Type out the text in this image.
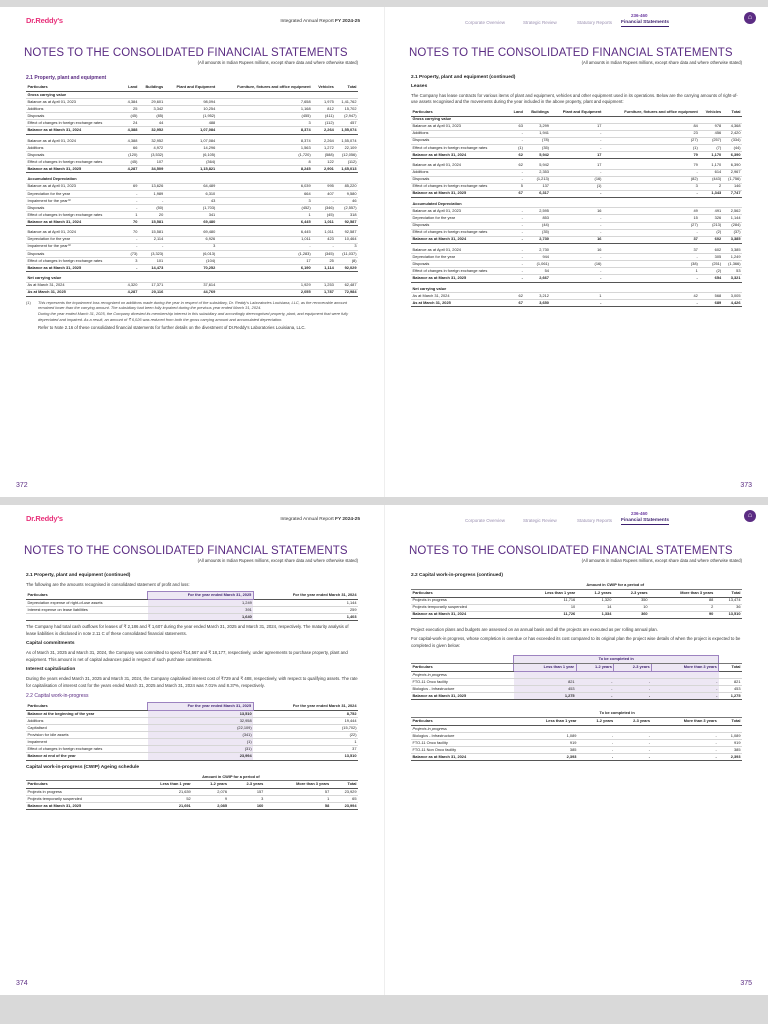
Dr.Reddy's	Integrated Annual Report FY 2024-25
NOTES TO THE CONSOLIDATED FINANCIAL STATEMENTS
(All amounts in Indian Rupees millions, except share data and where otherwise stated)
2.1 Property, plant and equipment
Particulars	Land	Buildings	Plant and Equipment	Furniture, fixtures and office equipment	Vehicles	Total
Gross carrying value						
Balance as at April 01, 2023	4,384	29,601	98,094	7,658	1,975	1,41,762
Additions	25	3,342	10,254	1,168	812	15,702
Disposals	(45)	(85)	(1,952)	(455)	(411)	(2,947)
Effect of changes in foreign exchange rates	24	44	488	3	(112)	457
Balance as at March 31, 2024	4,388	32,952	1,07,084	8,374	2,264	1,55,074

Balance as at April 01, 2024	4,388	32,952	1,07,084	8,374	2,264	1,55,074
Additions	66	4,972	14,296	1,563	1,272	22,109
Disposals	(120)	(3,532)	(6,105)	(1,720)	(588)	(12,056)
Effect of changes in foreign exchange rates	(45)	107	(364)	8	122	(112)
Balance as at March 31, 2025	4,287	34,509	1,15,821	8,245	2,901	1,65,013

Accumulated Depreciation						
Balance as at April 01, 2023	69	13,626	64,489	6,039	995	85,220
Depreciation for the year	-	1,989	6,310	664	407	9,580
Impairment for the year⁽¹⁾	-	-	43	3	-	46
Disposals	-	(50)	(1,703)	(452)	(346)	(2,557)
Effect of changes in foreign exchange rates	1	20	341	1	(45)	318
Balance as at March 31, 2024	70	15,581	69,480	6,445	1,011	92,587

Balance as at April 01, 2024	70	15,581	69,480	6,445	1,011	92,587
Depreciation for the year	-	2,114	6,926	1,011	423	10,464
Impairment for the year⁽¹⁾	-	-	3	-	-	3
Disposals	(73)	(3,323)	(6,013)	(1,283)	(345)	(11,037)
Effect of changes in foreign exchange rates	3	101	(104)	17	25	(8)
Balance as at March 31, 2025	-	14,473	70,252	6,190	1,114	92,029

Net carrying value						
As at March 31, 2024	4,320	17,371	37,614	1,929	1,253	62,487
As at March 31, 2025	4,287	20,116	44,769	2,055	1,787	72,984
(1)	This represents the impairment loss recognized on additions made during the year in respect of the subsidiary, Dr. Reddy's Laboratories Louisiana, LLC, as the recoverable amount remained lower than the carrying amount. The subsidiary had been fully impaired during the previous year ended March 31, 2024.
During the year ended March 31, 2025, the Company divested its membership interest in this subsidiary and accordingly derecognised property, plant, and equipment that were fully depreciated and impaired. As a result, an amount of ₹ 6,026 was reduced from both the gross carrying amount and accumulated depreciation.
Refer to Note 2.16 of these consolidated financial statements for further details on the divestment of Dr.Reddy's Laboratories Louisiana, LLC.
372
Corporate Overview	Strategic Review	Statutory Reports
236-460
Financial Statements
⌂
NOTES TO THE CONSOLIDATED FINANCIAL STATEMENTS
(All amounts in Indian Rupees millions, except share data and where otherwise stated)
2.1 Property, plant and equipment (continued)
Leases
The Company has lease contracts for various items of plant and equipment, vehicles and other equipment used in its operations. Below are the carrying amounts of right-of-use assets recognised and the movements during the year included in the above property, plant and equipment:
Particulars	Land	Buildings	Plant and Equipment	Furniture, fixtures and office equipment	Vehicles	Total
Gross carrying value						
Balance as at April 01, 2023	63	3,299	17	84	978	4,368
Additions	-	1,941	-	23	456	2,420
Disposals	-	(78)	-	(27)	(257)	(334)
Effect of changes in foreign exchange rates	(1)	(35)	-	(1)	(7)	(44)
Balance as at March 31, 2024	62	5,942	17	79	1,170	6,390

Balance as at April 01, 2024	62	5,942	17	79	1,170	6,390
Additions	-	2,353	-	-	614	2,967
Disposals	-	(1,213)	(16)	(82)	(443)	(1,756)
Effect of changes in foreign exchange rates	5	137	(1)	3	2	146
Balance as at March 31, 2025	67	6,317	-	-	1,343	7,747

Accumulated Depreciation						
Balance as at April 01, 2023	-	2,595	16	49	491	2,562
Depreciation for the year	-	853	-	15	326	1,144
Disposals	-	(44)	-	(27)	(213)	(284)
Effect of changes in foreign exchange rates	-	(35)	-	-	(2)	(37)
Balance as at March 31, 2024	-	2,730	16	37	602	3,385

Balance as at April 01, 2024	-	2,730	16	37	602	3,385
Depreciation for the year	-	944	-	-	305	1,249
Disposals	-	(1,061)	(16)	(38)	(251)	(1,366)
Effect of changes in foreign exchange rates	-	54	-	1	(2)	53
Balance as at March 31, 2025	-	2,667	-	-	654	3,321

Net carrying value						
As at March 31, 2024	62	3,212	1	42	568	3,005
As at March 31, 2025	67	3,650	-	-	689	4,426
373
Dr.Reddy's	Integrated Annual Report FY 2024-25
NOTES TO THE CONSOLIDATED FINANCIAL STATEMENTS
(All amounts in Indian Rupees millions, except share data and where otherwise stated)
2.1 Property, plant and equipment (continued)
The following are the amounts recognised in consolidated statement of profit and loss:
Particulars	For the year ended March 31, 2025	For the year ended March 31, 2024
Depreciation expense of right-of-use assets	1,249	1,144
Interest expense on lease liabilities	391	259
	1,640	1,403
The Company had total cash outflows for leases of ₹ 2,186 and ₹ 1,607 during the year ended March 31, 2025 and March 31, 2024, respectively. The maturity analysis of lease liabilities is disclosed in note 2.11 C of these consolidated financial statements.
Capital commitments
As of March 31, 2025 and March 31, 2024, the Company was committed to spend ₹14,567 and ₹ 18,177, respectively, under agreements to purchase property, plant and equipment. This amount is net of capital advances paid in respect of such purchase commitments.
Interest capitalisation
During the years ended March 31, 2025 and March 31, 2024, the Company capitalised interest cost of ₹729 and ₹ 488, respectively, with respect to qualifying assets. The rate for capitalisation of interest cost for the years ended March 31, 2025 and March 31, 2024 was 7.01% and 8.37%, respectively.
2.2 Capital work-in-progress
Particulars	For the year ended March 31, 2025	For the year ended March 31, 2024
Balance at the beginning of the year	13,510	8,752
Additions	32,958	19,444
Capitalised	(22,109)	(15,702)
Provision for idle assets	(341)	(22)
Impairment	(1)	1
Effect of changes in foreign exchange rates	(31)	37
Balance at end of the year	23,994	13,510
Capital work-in-progress (CWIP) Ageing schedule
	Amount in CWIP for a period of				
Particulars	Less than 1 year	1-2 years	2-3 years	More than 3 years	Total
Projects in progress	21,639	2,076	157	57	23,929
Projects temporarily suspended	52	9	3	1	65
Balance as at March 31, 2025	21,691	2,085	160	58	23,994
374
Corporate Overview	Strategic Review	Statutory Reports
236-460
Financial Statements
⌂
NOTES TO THE CONSOLIDATED FINANCIAL STATEMENTS
(All amounts in Indian Rupees millions, except share data and where otherwise stated)
2.2 Capital work-in-progress (continued)
	Amount in CWIP for a period of				
Particulars	Less than 1 year	1-2 years	2-3 years	More than 3 years	Total
Projects in progress	11,716	1,320	350	88	13,474
Projects temporarily suspended	10	14	10	2	36
Balance as at March 31, 2024	11,726	1,334	360	90	13,510
Project execution plans and budgets are assessed on an annual basis and all the projects are executed as per rolling annual plan.
For capital-work-in progress, whose completion is overdue or has exceeded its cost compared to its original plan the project wise details of when the project is expected to be completed is given below:
	To be completed in				
Particulars	Less than 1 year	1-2 years	2-3 years	More than 3 years	Total
Projects in progress					
FTO-11 Onco facility	821	-	-	-	821
Biologics - Infrastructure	453	-	-	-	453
Balance as at March 31, 2025	1,275	-	-	-	1,275
	To be completed in				
Particulars	Less than 1 year	1-2 years	2-3 years	More than 3 years	Total
Projects in progress					
Biologics - Infrastructure	1,089	-	-	-	1,089
FTO-11 Onco facility	919	-	-	-	919
FTO-11 Non Onco facility	385	-	-	-	385
Balance as at March 31, 2024	2,393	-	-	-	2,393
375
